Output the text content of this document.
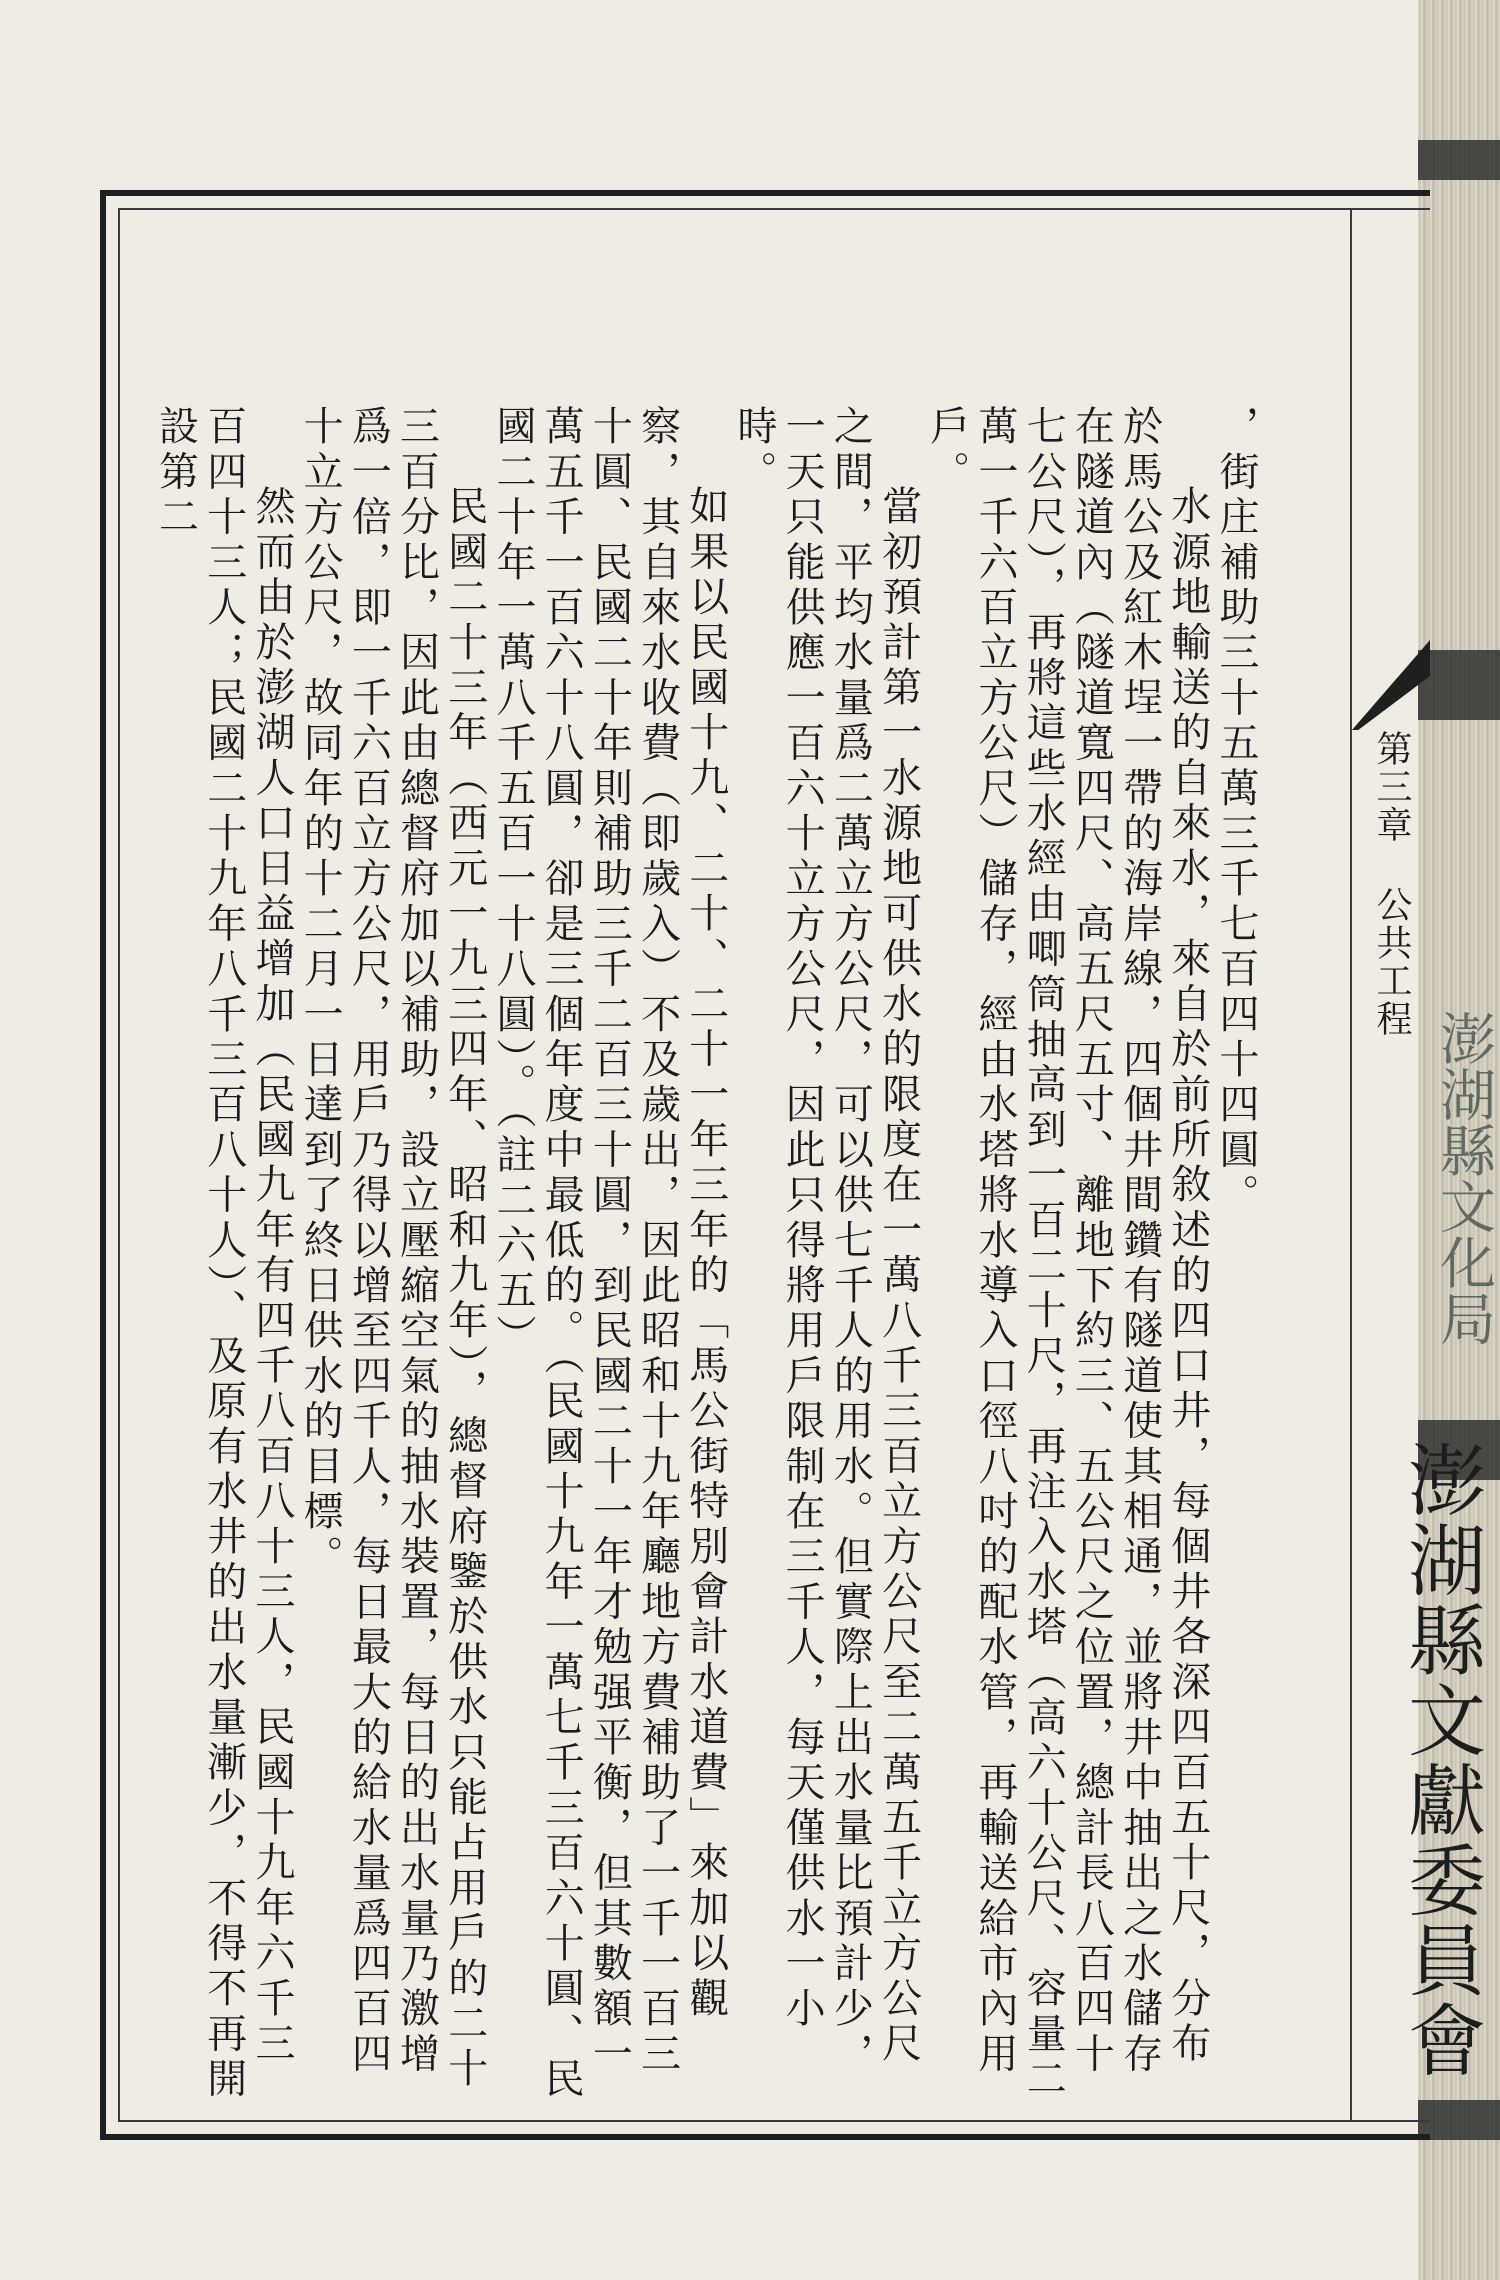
第三章公共工程
澎湖縣文化局
澎湖縣文獻委員會

，街庄補助三十五萬三千七百四十四圓。

水源地輸送的自來水，來自於前所敘述的四口井，每個井各深四百五十尺，分布於馬公及紅木埕一帶的海岸線，四個井間鑽有隧道使其相通，並將井中抽出之水儲存在隧道內（隧道寬四尺、高五尺五寸、離地下約三、五公尺之位置，總計長八百四十七公尺），再將這些水經由唧筒抽高到一百二十尺，再注入水塔（高六十公尺、容量二萬一千六百立方公尺）儲存，經由水塔將水導入口徑八吋的配水管，再輸送給市內用戶。

當初預計第一水源地可供水的限度在一萬八千三百立方公尺至二萬五千立方公尺之間，平均水量爲二萬立方公尺，可以供七千人的用水。但實際上出水量比預計少，一天只能供應一百六十立方公尺，因此只得將用戶限制在三千人，每天僅供水一小時。

如果以民國十九、二十、二十一年三年的「馬公街特別會計水道費」來加以觀察，其自來水收費（即歲入）不及歲出，因此昭和十九年廳地方費補助了一千一百三十圓、民國二十年則補助三千二百三十圓，到民國二十一年才勉强平衡，但其數額一萬五千一百六十八圓，卻是三個年度中最低的。（民國十九年一萬七千三百六十圓、民國二十年一萬八千五百一十八圓）。（註二六五）

民國二十三年（西元一九三四年、昭和九年），總督府鑒於供水只能占用戶的二十三百分比，因此由總督府加以補助，設立壓縮空氣的抽水裝置，每日的出水量乃激增爲一倍，即一千六百立方公尺，用戶乃得以增至四千人，每日最大的給水量爲四百四十立方公尺，故同年的十二月一日達到了終日供水的目標。

然而由於澎湖人口日益增加（民國九年有四千八百八十三人，民國十九年六千三百四十三人；民國二十九年八千三百八十人）、及原有水井的出水量漸少，不得不再開設第二
